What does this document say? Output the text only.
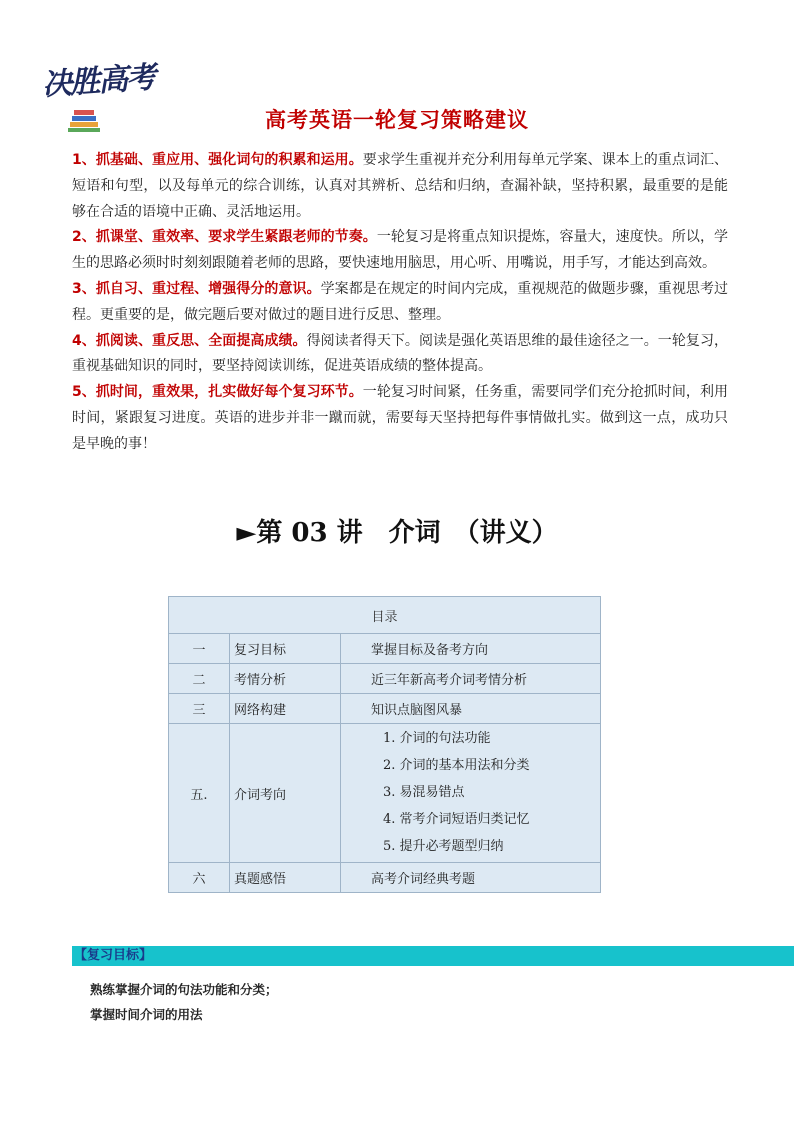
决胜高考
高考英语一轮复习策略建议

1、抓基础、重应用、强化词句的积累和运用。要求学生重视并充分利用每单元学案、课本上的重点词汇、短语和句型，以及每单元的综合训练，认真对其辨析、总结和归纳，查漏补缺，坚持积累，最重要的是能够在合适的语境中正确、灵活地运用。

2、抓课堂、重效率、要求学生紧跟老师的节奏。一轮复习是将重点知识提炼，容量大，速度快。所以，学生的思路必须时时刻刻跟随着老师的思路，要快速地用脑思，用心听、用嘴说，用手写，才能达到高效。

3、抓自习、重过程、增强得分的意识。学案都是在规定的时间内完成，重视规范的做题步骤，重视思考过程。更重要的是，做完题后要对做过的题目进行反思、整理。

4、抓阅读、重反思、全面提高成绩。得阅读者得天下。阅读是强化英语思维的最佳途径之一。一轮复习，重视基础知识的同时，要坚持阅读训练，促进英语成绩的整体提高。

5、抓时间，重效果，扎实做好每个复习环节。一轮复习时间紧，任务重，需要同学们充分抢抓时间，利用时间，紧跟复习进度。英语的进步并非一蹴而就，需要每天坚持把每件事情做扎实。做到这一点，成功只是早晚的事！

►第 03 讲　介词　（讲义）
目录		
一	复习目标	掌握目标及备考方向
二	考情分析	近三年新高考介词考情分析
三	网络构建	知识点脑图风暴
五.	介词考向	1. 介词的句法功能
2. 介词的基本用法和分类
3. 易混易错点
4. 常考介词短语归类记忆
5. 提升必考题型归纳

六	真题感悟	高考介词经典考题
【复习目标】
熟练掌握介词的句法功能和分类；
掌握时间介词的用法
